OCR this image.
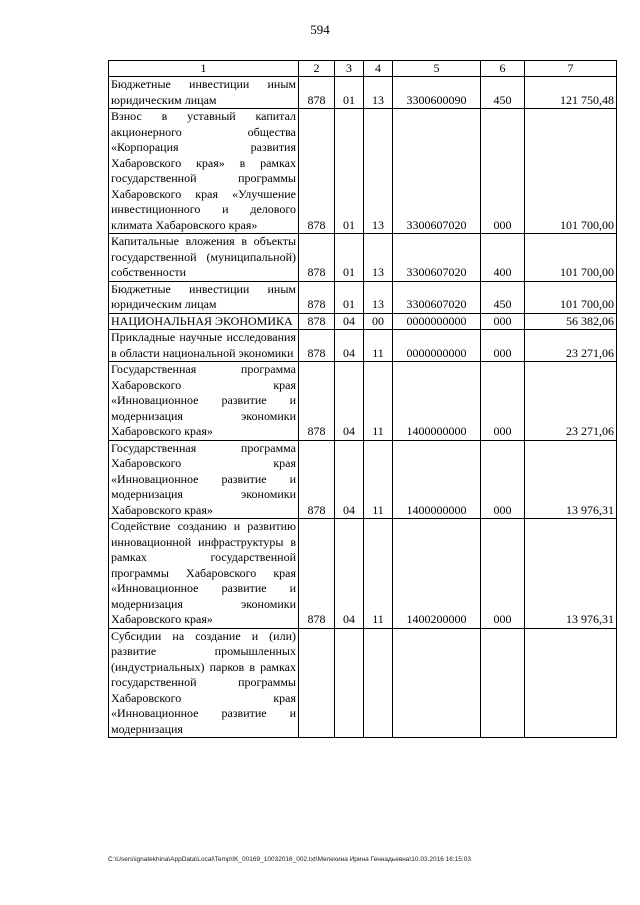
594
1	2	3	4	5	6	7
Бюджетные инвестиции иным юридическим лицам	878	01	13	3300600090	450	121 750,48
Взнос в уставный капитал акционерного общества «Корпорация развития Хабаровского края» в рамках государственной программы Хабаровского края «Улучшение инвестиционного и делового климата Хабаровского края»	878	01	13	3300607020	000	101 700,00
Капитальные вложения в объекты государственной (муниципальной) собственности	878	01	13	3300607020	400	101 700,00
Бюджетные инвестиции иным юридическим лицам	878	01	13	3300607020	450	101 700,00
НАЦИОНАЛЬНАЯ ЭКОНОМИКА	878	04	00	0000000000	000	56 382,06
Прикладные научные исследования в области национальной экономики	878	04	11	0000000000	000	23 271,06
Государственная программа Хабаровского края «Инновационное развитие и модернизация экономики Хабаровского края»	878	04	11	1400000000	000	23 271,06
Государственная программа Хабаровского края «Инновационное развитие и модернизация экономики Хабаровского края»	878	04	11	1400000000	000	13 976,31
Содействие созданию и развитию инновационной инфраструктуры в рамках государственной программы Хабаровского края «Инновационное развитие и модернизация экономики Хабаровского края»	878	04	11	1400200000	000	13 976,31
Субсидии на создание и (или) развитие промышленных (индустриальных) парков в рамках государственной программы Хабаровского края «Инновационное развитие и модернизация						
C:\Users\ignatekhina\AppData\Local\Temp\IK_00169_10032016_002.txt\Мелехина Ирина Геннадьевна\10.03.2016 16:15:03
